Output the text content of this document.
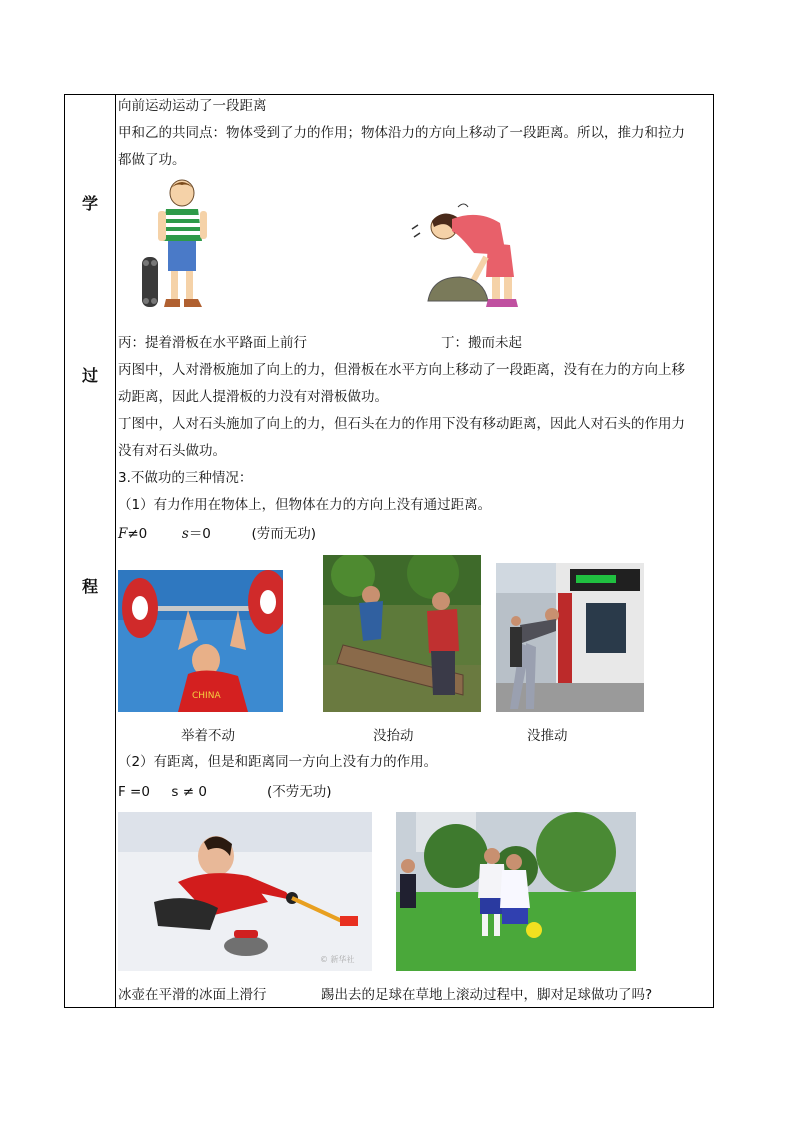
学
过
程
向前运动运动了一段距离
甲和乙的共同点：物体受到了力的作用；物体沿力的方向上移动了一段距离。所以，推力和拉力
都做了功。
丙：提着滑板在水平路面上前行	丁：搬而未起
丙图中，人对滑板施加了向上的力，但滑板在水平方向上移动了一段距离，没有在力的方向上移
动距离，因此人提滑板的力没有对滑板做功。
丁图中，人对石头施加了向上的力，但石头在力的作用下没有移动距离，因此人对石头的作用力
没有对石头做功。
3.不做功的三种情况：
（1）有力作用在物体上，但物体在力的方向上没有通过距离。
F≠0	s＝0	(劳而无功)
CHINA
举着不动	没抬动	没推动
（2）有距离，但是和距离同一方向上没有力的作用。
F =0     s ≠ 0	(不劳无功)
© 新华社
冰壶在平滑的冰面上滑行	踢出去的足球在草地上滚动过程中，脚对足球做功了吗?
